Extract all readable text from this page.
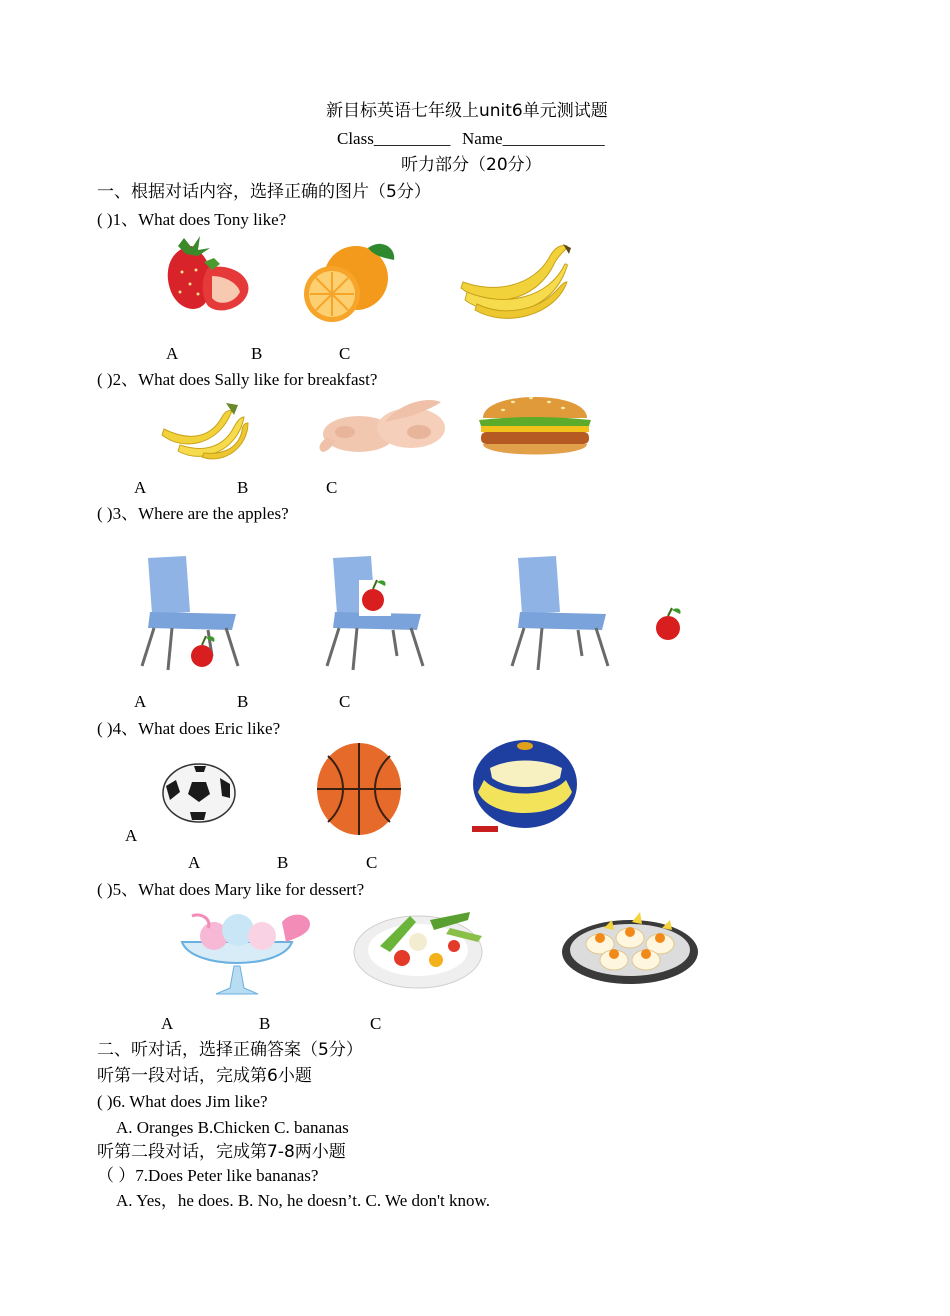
新目标英语七年级上unit6单元测试题
Class_________ Name____________
听力部分（20分）
一、根据对话内容，选择正确的图片（5分）
( )1、What does Tony like?
A	B	C
( )2、What does Sally like for breakfast?
A	B	C
( )3、Where are the apples?
A	B	C
( )4、What does Eric like?
A
A	B	C
( )5、What does Mary like for dessert?
A	B	C
二、听对话，选择正确答案（5分）
听第一段对话，完成第6小题
( )6. What does Jim like?
A. Oranges B.Chicken C. bananas
听第二段对话，完成第7-8两小题
（ ）7.Does Peter like bananas?
A. Yes，he does. B. No, he doesn’t. C. We don't know.
